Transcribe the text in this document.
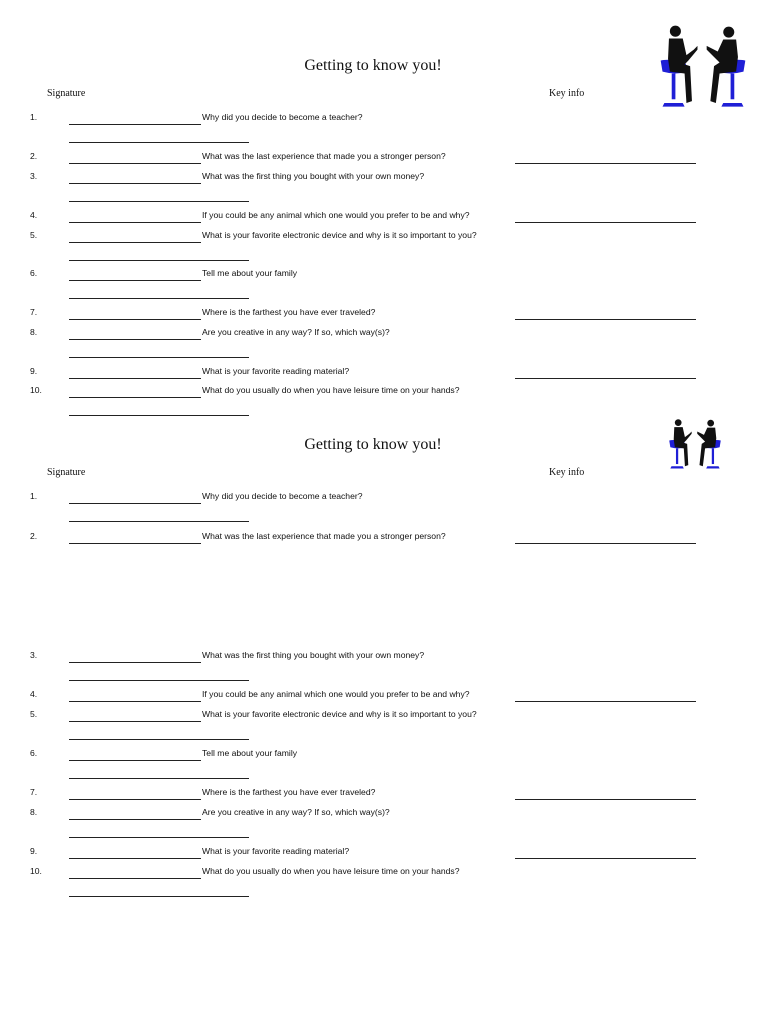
Getting to know you!
Signature	Key info
1.	Why did you decide to become a teacher?
2.	What was the last experience that made you a stronger person?
3.	What was the first thing you bought with your own money?
4.	If you could be any animal which one would you prefer to be and why?
5.	What is your favorite electronic device and why is it so important to you?
6.	Tell me about your family
7.	Where is the farthest you have ever traveled?
8.	Are you creative in any way? If so, which way(s)?
9.	What is your favorite reading material?
10.	What do you usually do when you have leisure time on your hands?
Getting to know you!
Signature	Key info
1.	Why did you decide to become a teacher?
2.	What was the last experience that made you a stronger person?
3.	What was the first thing you bought with your own money?
4.	If you could be any animal which one would you prefer to be and why?
5.	What is your favorite electronic device and why is it so important to you?
6.	Tell me about your family
7.	Where is the farthest you have ever traveled?
8.	Are you creative in any way? If so, which way(s)?
9.	What is your favorite reading material?
10.	What do you usually do when you have leisure time on your hands?
